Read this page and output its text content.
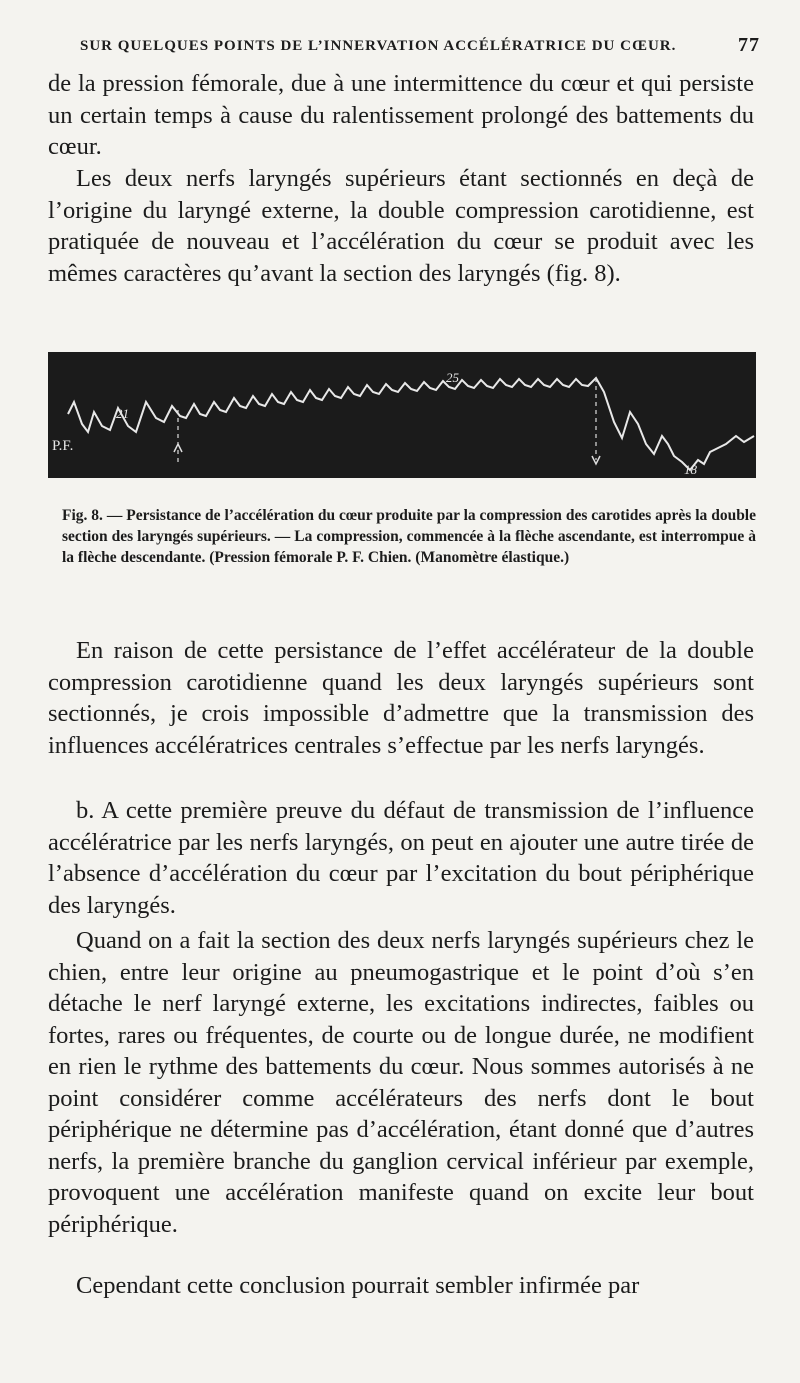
SUR QUELQUES POINTS DE L’INNERVATION ACCÉLÉRATRICE DU CŒUR.	77

de la pression fémorale, due à une intermittence du cœur et qui persiste un certain temps à cause du ralentissement prolongé des battements du cœur.

Les deux nerfs laryngés supérieurs étant sectionnés en deçà de l’origine du laryngé externe, la double compression carotidienne, est pratiquée de nouveau et l’accélération du cœur se produit avec les mêmes caractères qu’avant la section des laryngés (fig. 8).

P.F.
21
25
18

Fig. 8. — Persistance de l’accélération du cœur produite par la compression des carotides après la double section des laryngés supérieurs. — La compression, commencée à la flèche ascendante, est interrompue à la flèche descendante. (Pression fémorale P. F. Chien. (Manomètre élastique.)

En raison de cette persistance de l’effet accélérateur de la double compression carotidienne quand les deux laryngés supérieurs sont sectionnés, je crois impossible d’admettre que la transmission des influences accélératrices centrales s’effectue par les nerfs laryngés.

b. A cette première preuve du défaut de transmission de l’influence accélératrice par les nerfs laryngés, on peut en ajouter une autre tirée de l’absence d’accélération du cœur par l’excitation du bout périphérique des laryngés.

Quand on a fait la section des deux nerfs laryngés supérieurs chez le chien, entre leur origine au pneumogastrique et le point d’où s’en détache le nerf laryngé externe, les excitations indirectes, faibles ou fortes, rares ou fréquentes, de courte ou de longue durée, ne modifient en rien le rythme des battements du cœur. Nous sommes autorisés à ne point considérer comme accélérateurs des nerfs dont le bout périphérique ne détermine pas d’accélération, étant donné que d’autres nerfs, la première branche du ganglion cervical inférieur par exemple, provoquent une accélération manifeste quand on excite leur bout périphérique.

Cependant cette conclusion pourrait sembler infirmée par
